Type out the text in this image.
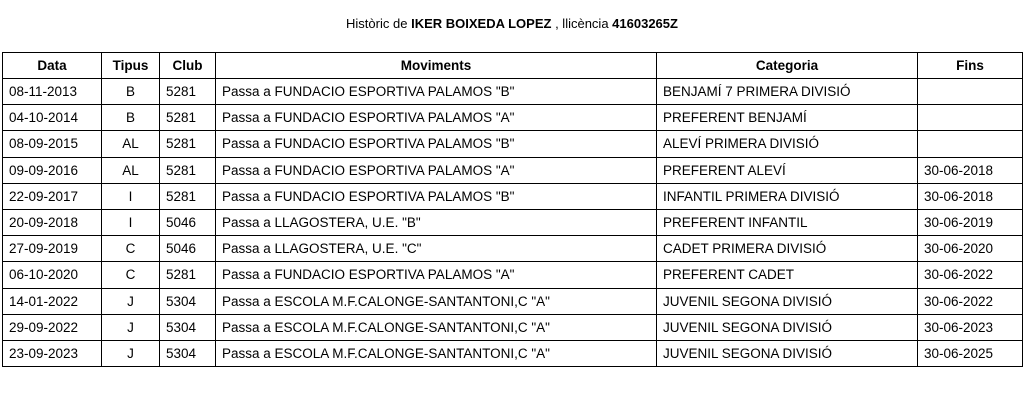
Històric de IKER BOIXEDA LOPEZ , llicència 41603265Z
Data	Tipus	Club	Moviments	Categoria	Fins
08-11-2013	B	5281	Passa a FUNDACIO ESPORTIVA PALAMOS "B"	BENJAMÍ 7 PRIMERA DIVISIÓ	
04-10-2014	B	5281	Passa a FUNDACIO ESPORTIVA PALAMOS "A"	PREFERENT BENJAMÍ	
08-09-2015	AL	5281	Passa a FUNDACIO ESPORTIVA PALAMOS "B"	ALEVÍ PRIMERA DIVISIÓ	
09-09-2016	AL	5281	Passa a FUNDACIO ESPORTIVA PALAMOS "A"	PREFERENT ALEVÍ	30-06-2018
22-09-2017	I	5281	Passa a FUNDACIO ESPORTIVA PALAMOS "B"	INFANTIL PRIMERA DIVISIÓ	30-06-2018
20-09-2018	I	5046	Passa a LLAGOSTERA, U.E. "B"	PREFERENT INFANTIL	30-06-2019
27-09-2019	C	5046	Passa a LLAGOSTERA, U.E. "C"	CADET PRIMERA DIVISIÓ	30-06-2020
06-10-2020	C	5281	Passa a FUNDACIO ESPORTIVA PALAMOS "A"	PREFERENT CADET	30-06-2022
14-01-2022	J	5304	Passa a ESCOLA M.F.CALONGE-SANTANTONI,C "A"	JUVENIL SEGONA DIVISIÓ	30-06-2022
29-09-2022	J	5304	Passa a ESCOLA M.F.CALONGE-SANTANTONI,C "A"	JUVENIL SEGONA DIVISIÓ	30-06-2023
23-09-2023	J	5304	Passa a ESCOLA M.F.CALONGE-SANTANTONI,C "A"	JUVENIL SEGONA DIVISIÓ	30-06-2025
